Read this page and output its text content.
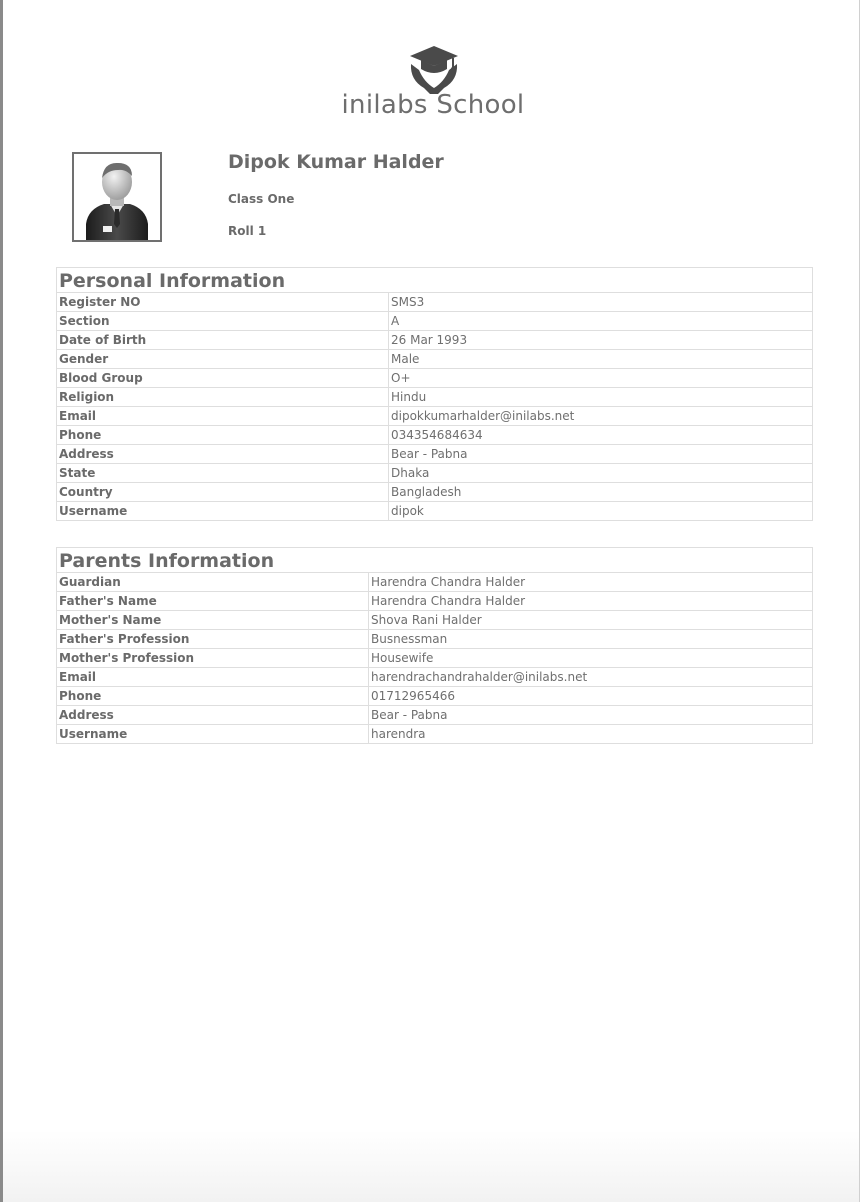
inilabs School
Dipok Kumar Halder
Class One
Roll 1
Personal Information	
Register NO	SMS3
Section	A
Date of Birth	26 Mar 1993
Gender	Male
Blood Group	O+
Religion	Hindu
Email	dipokkumarhalder@inilabs.net
Phone	034354684634
Address	Bear - Pabna
State	Dhaka
Country	Bangladesh
Username	dipok
Parents Information	
Guardian	Harendra Chandra Halder
Father's Name	Harendra Chandra Halder
Mother's Name	Shova Rani Halder
Father's Profession	Busnessman
Mother's Profession	Housewife
Email	harendrachandrahalder@inilabs.net
Phone	01712965466
Address	Bear - Pabna
Username	harendra
